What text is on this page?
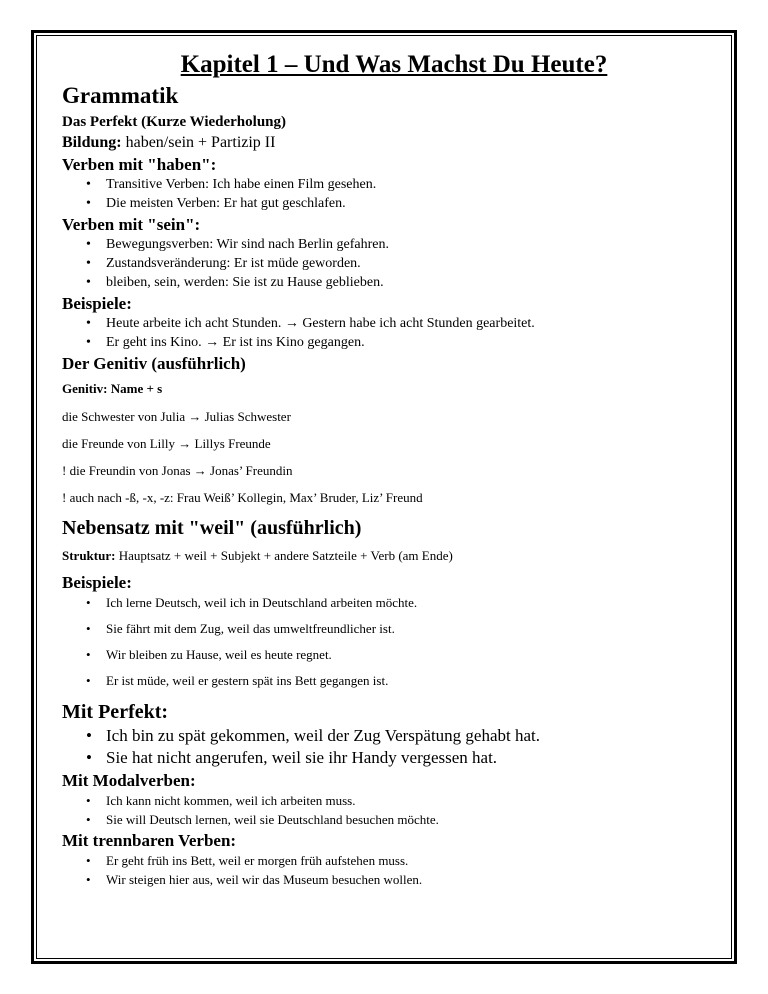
Kapitel 1 – Und Was Machst Du Heute?
Grammatik
Das Perfekt (Kurze Wiederholung)
Bildung: haben/sein + Partizip II
Verben mit "haben":
• Transitive Verben: Ich habe einen Film gesehen.
• Die meisten Verben: Er hat gut geschlafen.
Verben mit "sein":
• Bewegungsverben: Wir sind nach Berlin gefahren.
• Zustandsveränderung: Er ist müde geworden.
• bleiben, sein, werden: Sie ist zu Hause geblieben.
Beispiele:
• Heute arbeite ich acht Stunden. → Gestern habe ich acht Stunden gearbeitet.
• Er geht ins Kino. → Er ist ins Kino gegangen.
Der Genitiv (ausführlich)
Genitiv: Name + s
die Schwester von Julia → Julias Schwester
die Freunde von Lilly → Lillys Freunde
! die Freundin von Jonas → Jonas’ Freundin
! auch nach -ß, -x, -z: Frau Weiß’ Kollegin, Max’ Bruder, Liz’ Freund
Nebensatz mit "weil" (ausführlich)
Struktur: Hauptsatz + weil + Subjekt + andere Satzteile + Verb (am Ende)
Beispiele:
• Ich lerne Deutsch, weil ich in Deutschland arbeiten möchte.
• Sie fährt mit dem Zug, weil das umweltfreundlicher ist.
• Wir bleiben zu Hause, weil es heute regnet.
• Er ist müde, weil er gestern spät ins Bett gegangen ist.
Mit Perfekt:
• Ich bin zu spät gekommen, weil der Zug Verspätung gehabt hat.
• Sie hat nicht angerufen, weil sie ihr Handy vergessen hat.
Mit Modalverben:
• Ich kann nicht kommen, weil ich arbeiten muss.
• Sie will Deutsch lernen, weil sie Deutschland besuchen möchte.
Mit trennbaren Verben:
• Er geht früh ins Bett, weil er morgen früh aufstehen muss.
• Wir steigen hier aus, weil wir das Museum besuchen wollen.
